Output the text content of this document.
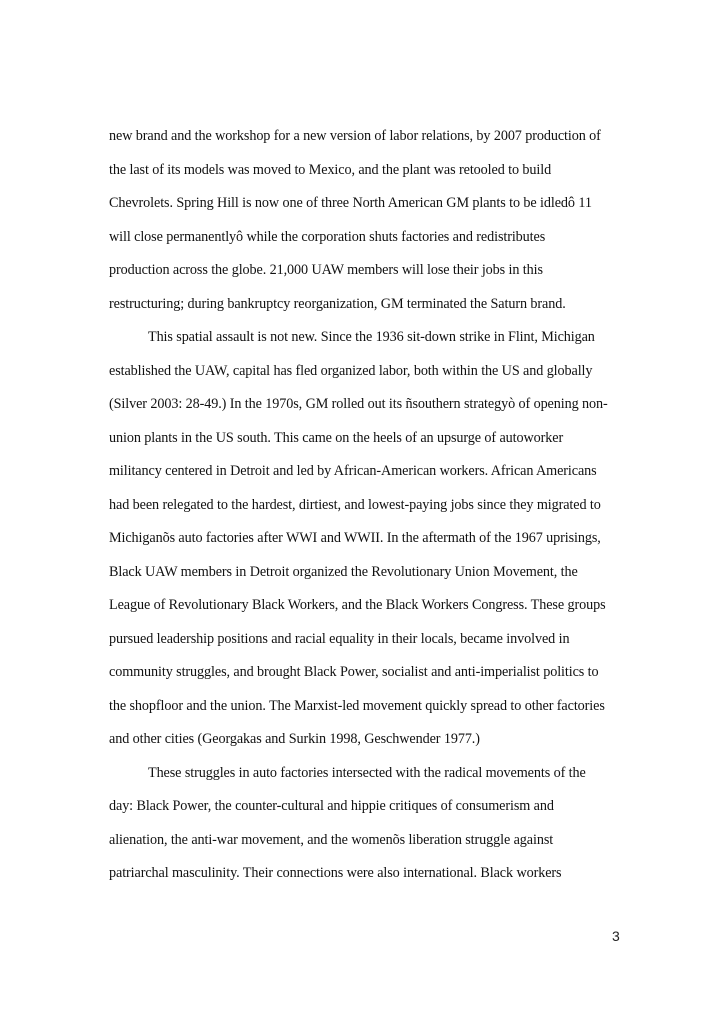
new brand and the workshop for a new version of labor relations, by 2007 production of
the last of its models was moved to Mexico, and the plant was retooled to build
Chevrolets. Spring Hill is now one of three North American GM plants to be idledô 11
will close permanentlyô while the corporation shuts factories and redistributes
production across the globe. 21,000 UAW members will lose their jobs in this
restructuring; during bankruptcy reorganization, GM terminated the Saturn brand.
This spatial assault is not new. Since the 1936 sit-down strike in Flint, Michigan
established the UAW, capital has fled organized labor, both within the US and globally
(Silver 2003: 28-49.) In the 1970s, GM rolled out its ñsouthern strategyò of opening non-
union plants in the US south. This came on the heels of an upsurge of autoworker
militancy centered in Detroit and led by African-American workers. African Americans
had been relegated to the hardest, dirtiest, and lowest-paying jobs since they migrated to
Michiganõs auto factories after WWI and WWII. In the aftermath of the 1967 uprisings,
Black UAW members in Detroit organized the Revolutionary Union Movement, the
League of Revolutionary Black Workers, and the Black Workers Congress. These groups
pursued leadership positions and racial equality in their locals, became involved in
community struggles, and brought Black Power, socialist and anti-imperialist politics to
the shopfloor and the union. The Marxist-led movement quickly spread to other factories
and other cities (Georgakas and Surkin 1998, Geschwender 1977.)
These struggles in auto factories intersected with the radical movements of the
day: Black Power, the counter-cultural and hippie critiques of consumerism and
alienation, the anti-war movement, and the womenõs liberation struggle against
patriarchal masculinity. Their connections were also international. Black workers
3
